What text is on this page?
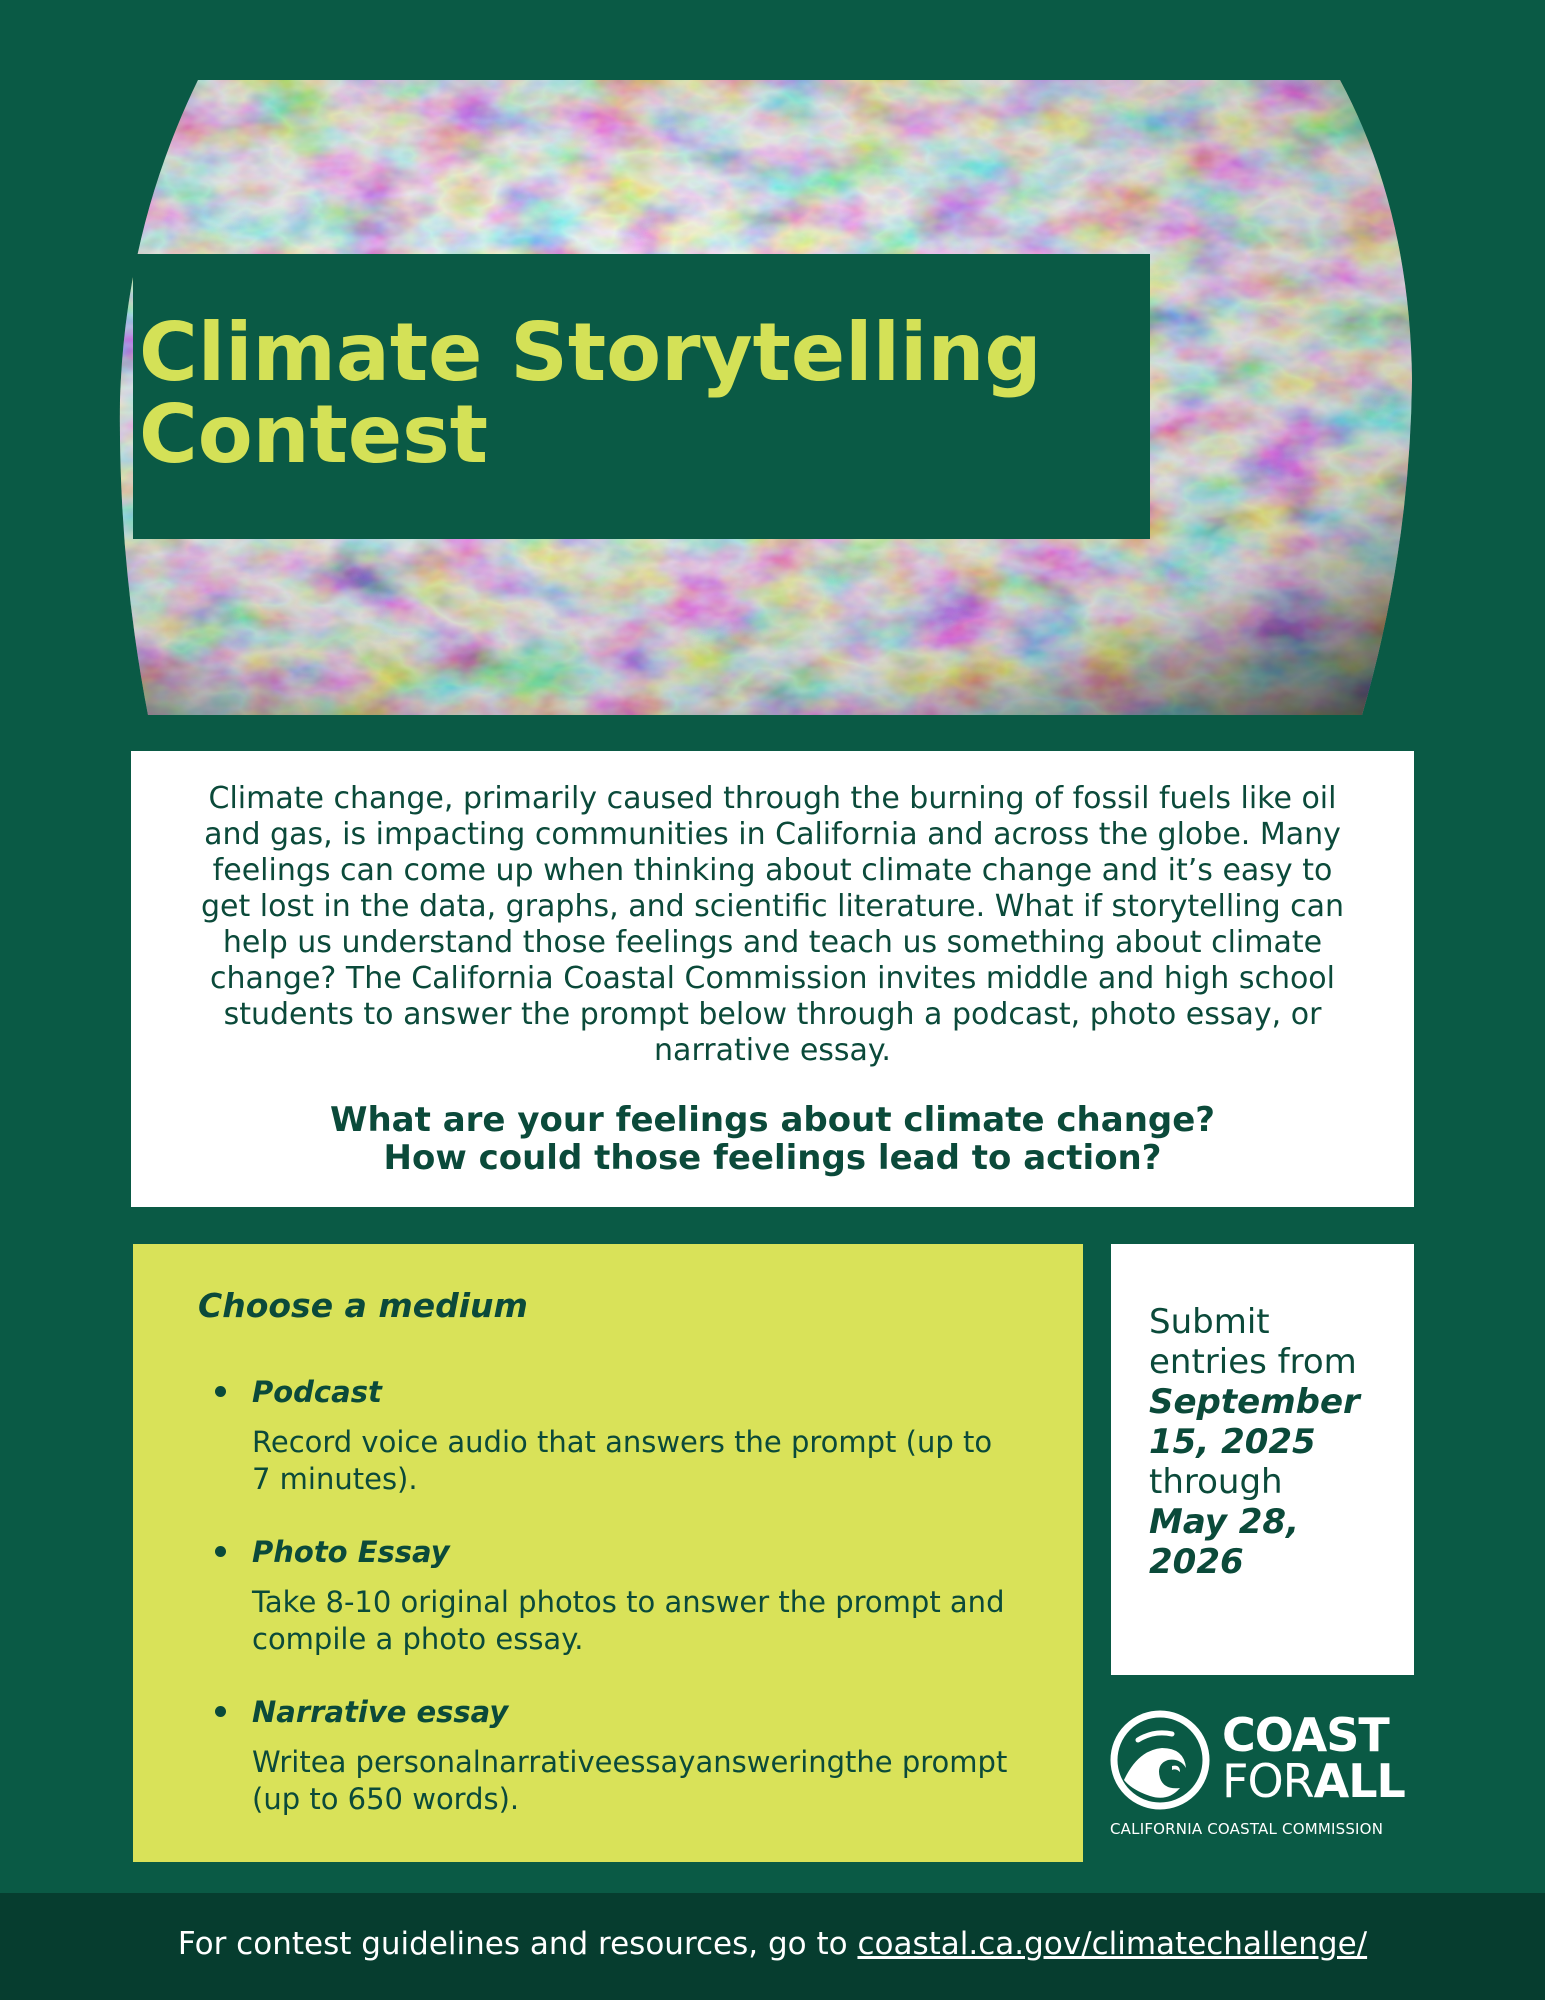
Climate Storytelling
Contest

Climate change, primarily caused through the burning of fossil fuels like oil and gas, is impacting communities in California and across the globe. Many feelings can come up when thinking about climate change and it’s easy to get lost in the data, graphs, and scientific literature. What if storytelling can help us understand those feelings and teach us something about climate change? The California Coastal Commission invites middle and high school students to answer the prompt below through a podcast, photo essay, or narrative essay.

What are your feelings about climate change?
How could those feelings lead to action?
Choose a medium
Podcast
Record voice audio that answers the prompt (up to 7 minutes).
Photo Essay
Take 8-10 original photos to answer the prompt and compile a photo essay.
Narrative essay
Writea personalnarrativeessayansweringthe prompt (up to 650 words).
Submit
entries from
September
15, 2025
through
May 28,
2026
COAST
FORALL
CALIFORNIA COASTAL COMMISSION
For contest guidelines and resources, go to coastal.ca.gov/climatechallenge/
